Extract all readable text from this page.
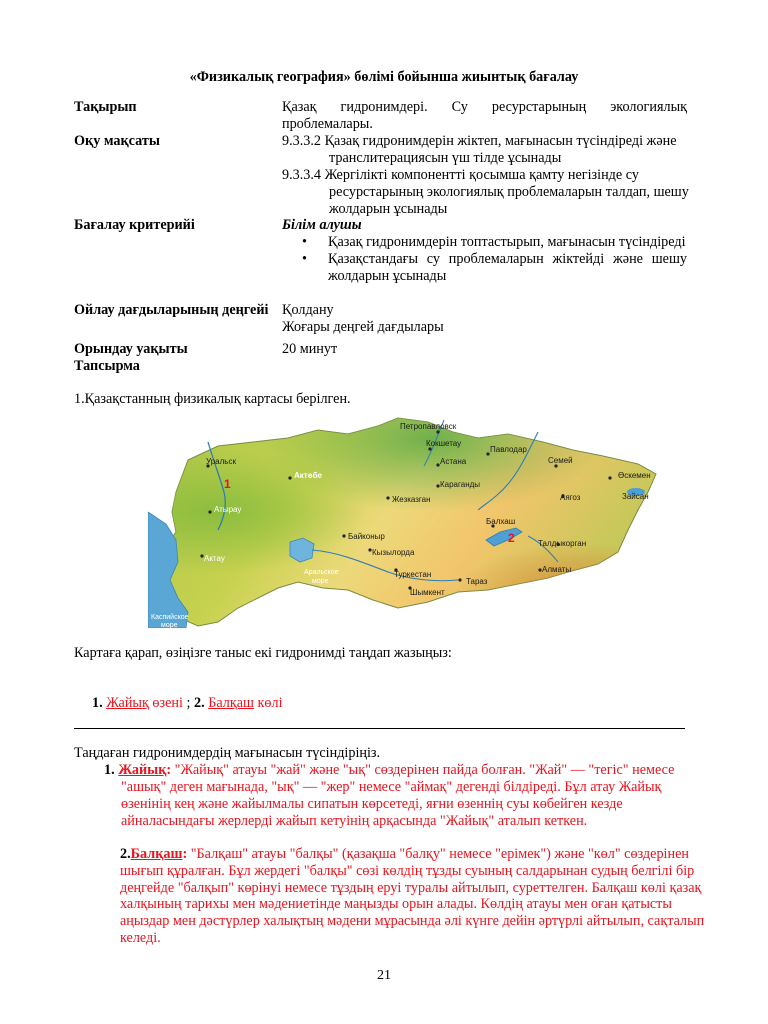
«Физикалық география» бөлімі бойынша жиынтық бағалау
Тақырып	Қазақ гидронимдері. Су ресурстарының экологиялық проблемалары.
Оқу мақсаты	9.3.3.2 Қазақ гидронимдерін жіктеп, мағынасын түсіндіреді және транслитерациясын үш тілде ұсынады
9.3.3.4 Жергілікті компонентті қосымша қамту негізінде су ресурстарының экологиялық проблемаларын талдап, шешу жолдарын ұсынады
Бағалау критерийі	Білім алушы
• Қазақ гидронимдерін топтастырып, мағынасын түсіндіреді
• Қазақстандағы су проблемаларын жіктейді және шешу жолдарын ұсынады
Ойлау дағдыларының деңгейі Қолдану
Жоғары деңгей дағдылары
Орындау уақыты	20 минут
Тапсырма
1.Қазақстанның физикалық картасы берілген.
1
2
Петропавловск
Кокшетау
Павлодар
Астана	Семей
Өскемен
Уральск
Актөбе
Караганды
Жезказган	Аягоз	Зайсан
Атырау
Балхаш
Талдыкорган
Байконыр
Кызылорда
Актау
Алматы
Туркестан
Тараз
Шымкент
Аральское
море
Каспийское
море
Картаға қарап, өзіңізге таныс екі гидронимді таңдап жазыңыз:
1. Жайық өзені ; 2. Балқаш көлі
Таңдаған гидронимдердің мағынасын түсіндіріңіз.
1. Жайық: "Жайық" атауы "жай" және "ық" сөздерінен пайда болған. "Жай" — "тегіс" немесе "ашық" деген мағынада, "ық" — "жер" немесе "аймақ" дегенді білдіреді. Бұл атау Жайық өзенінің кең және жайылмалы сипатын көрсетеді, яғни өзеннің суы көбейген кезде айналасындағы жерлерді жайып кетуінің арқасында "Жайық" аталып кеткен.
2.Балқаш: "Балқаш" атауы "балқы" (қазақша "балқу" немесе "ерімек") және "көл" сөздерінен шығып құралған. Бұл жердегі "балқы" сөзі көлдің тұзды суының салдарынан судың белгілі бір деңгейде "балқып" көрінуі немесе тұздың еруі туралы айтылып, суреттелген. Балқаш көлі қазақ халқының тарихы мен мәдениетінде маңызды орын алады. Көлдің атауы мен оған қатысты аңыздар мен дәстүрлер халықтың мәдени мұрасында әлі күнге дейін әртүрлі айтылып, сақталып келеді.
21
